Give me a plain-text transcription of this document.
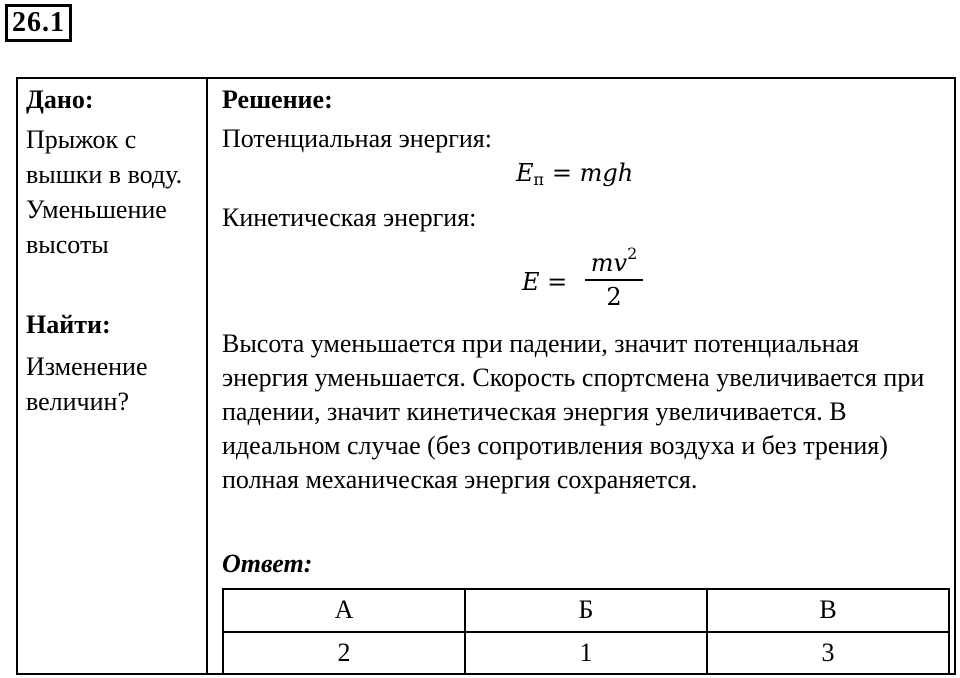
26.1
Дано:
Прыжок с вышки в воду. Уменьшение высоты
Найти:
Изменение величин?
Решение:
Потенциальная энергия:
$E_п$ = mgh
Кинетическая энергия:
E =
$mv^2$
2
Высота уменьшается при падении, значит потенциальная энергия уменьшается. Скорость спортсмена увеличивается при падении, значит кинетическая энергия увеличивается. В идеальном случае (без сопротивления воздуха и без трения) полная механическая энергия сохраняется.
Ответ:
А	Б	В
2	1	3
